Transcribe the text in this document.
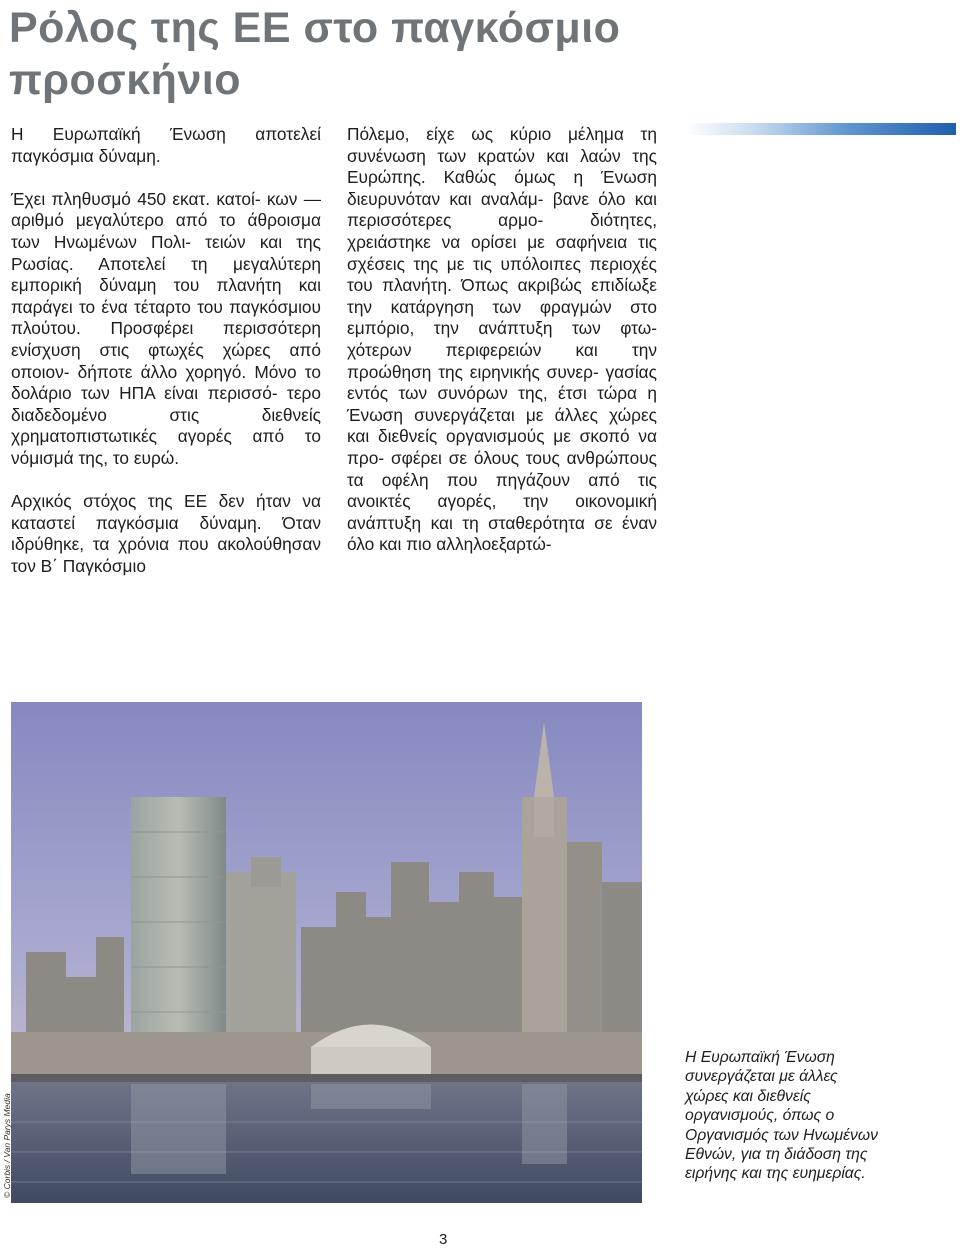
Ρόλος της ΕΕ στο παγκόσμιο προσκήνιο

Η Ευρωπαϊκή Ένωση αποτελεί παγκόσμια δύναμη.

Έχει πληθυσμό 450 εκατ. κατοί- κων — αριθμό μεγαλύτερο από το άθροισμα των Ηνωμένων Πολι- τειών και της Ρωσίας. Αποτελεί τη μεγαλύτερη εμπορική δύναμη του πλανήτη και παράγει το ένα τέταρτο του παγκόσμιου πλούτου. Προσφέρει περισσότερη ενίσχυση στις φτωχές χώρες από οποιον- δήποτε άλλο χορηγό. Μόνο το δολάριο των ΗΠΑ είναι περισσό- τερο διαδεδομένο στις διεθνείς χρηματοπιστωτικές αγορές από το νόμισμά της, το ευρώ.

Αρχικός στόχος της ΕΕ δεν ήταν να καταστεί παγκόσμια δύναμη. Όταν ιδρύθηκε, τα χρόνια που ακολούθησαν τον Β΄ Παγκόσμιο

Πόλεμο, είχε ως κύριο μέλημα τη συνένωση των κρατών και λαών της Ευρώπης. Καθώς όμως η Ένωση διευρυνόταν και αναλάμ- βανε όλο και περισσότερες αρμο- διότητες, χρειάστηκε να ορίσει με σαφήνεια τις σχέσεις της με τις υπόλοιπες περιοχές του πλανήτη. Όπως ακριβώς επιδίωξε την κατάργηση των φραγμών στο εμπόριο, την ανάπτυξη των φτω- χότερων περιφερειών και την προώθηση της ειρηνικής συνερ- γασίας εντός των συνόρων της, έτσι τώρα η Ένωση συνεργάζεται με άλλες χώρες και διεθνείς οργανισμούς με σκοπό να προ- σφέρει σε όλους τους ανθρώπους τα οφέλη που πηγάζουν από τις ανοικτές αγορές, την οικονομική ανάπτυξη και τη σταθερότητα σε έναν όλο και πιο αλληλοεξαρτώ-

© Corbis / Van Parys Media
Η Ευρωπαϊκή Ένωση συνεργάζεται με άλλες χώρες και διεθνείς οργανισμούς, όπως ο Οργανισμός των Ηνωμένων Εθνών, για τη διάδοση της ειρήνης και της ευημερίας.
3
